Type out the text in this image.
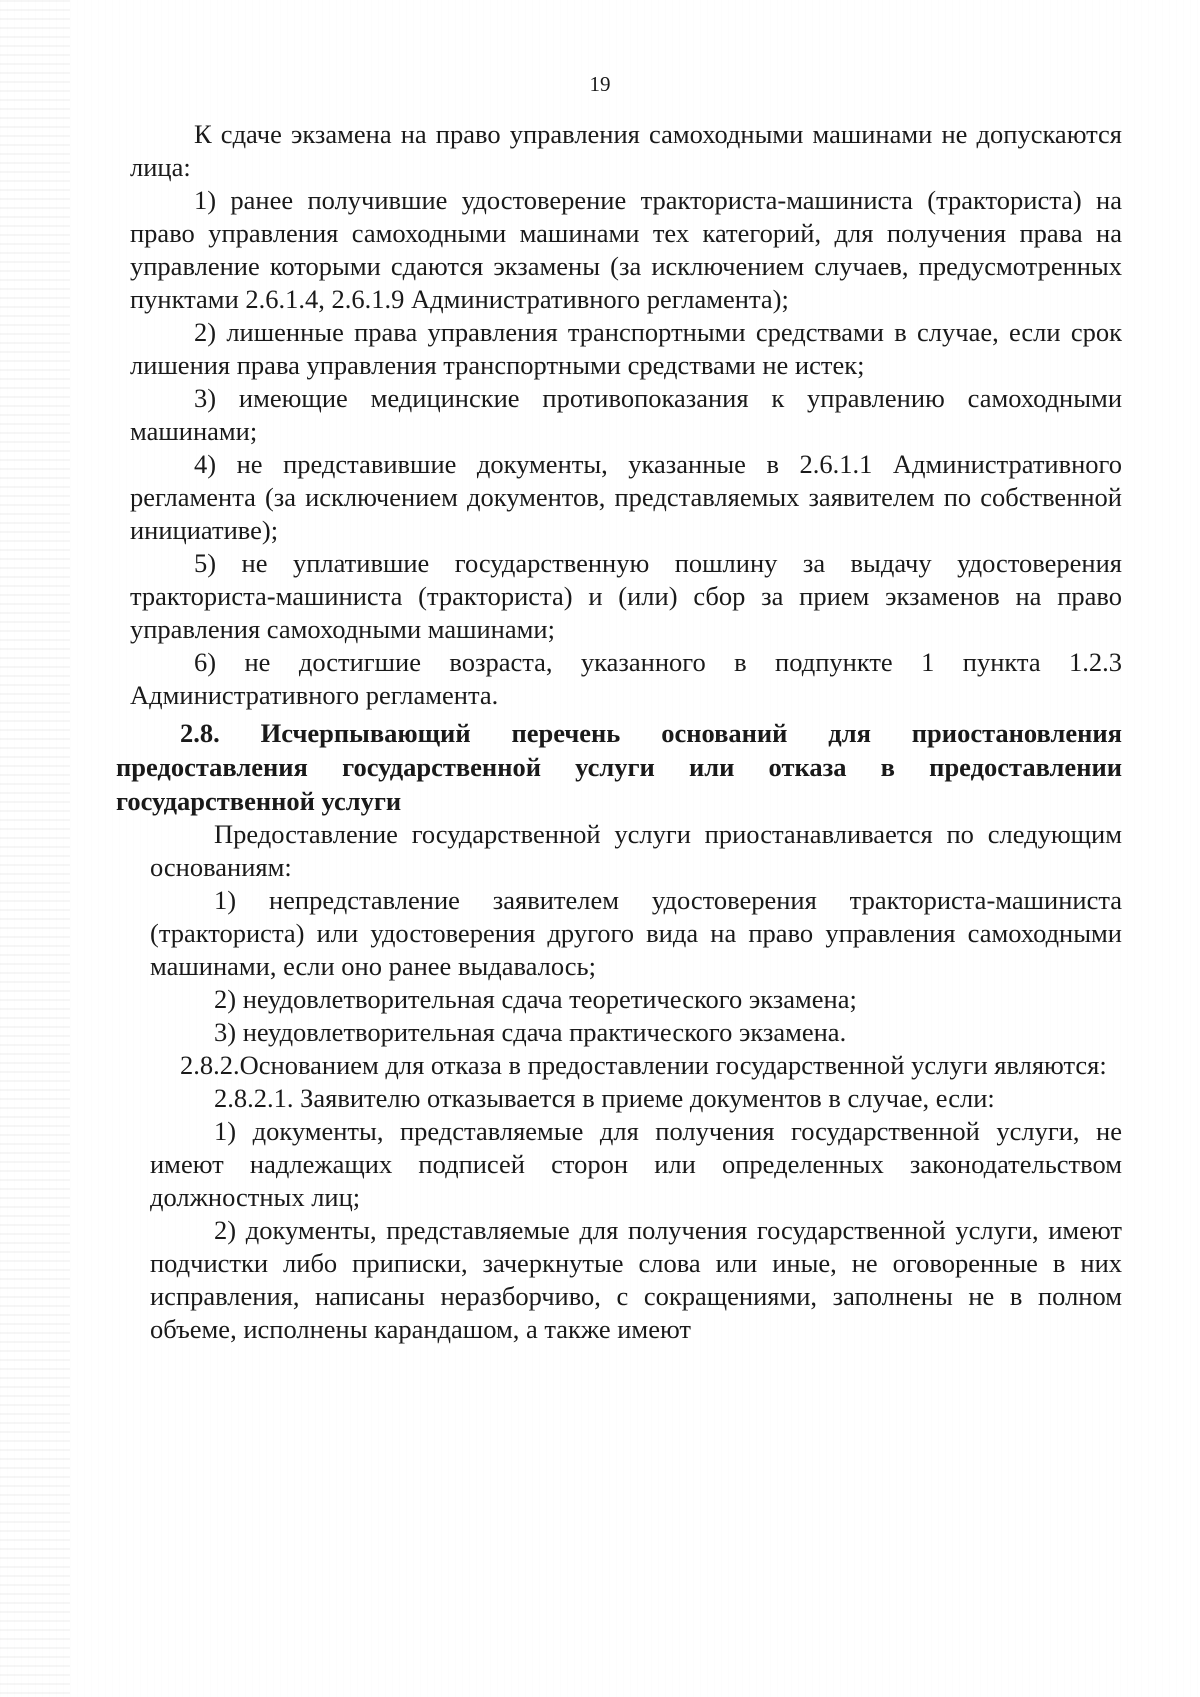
19

К сдаче экзамена на право управления самоходными машинами не допускаются лица:

1) ранее получившие удостоверение тракториста-машиниста (тракториста) на право управления самоходными машинами тех категорий, для получения права на управление которыми сдаются экзамены (за исключением случаев, предусмотренных пунктами 2.6.1.4, 2.6.1.9 Административного регламента);

2) лишенные права управления транспортными средствами в случае, если срок лишения права управления транспортными средствами не истек;

3) имеющие медицинские противопоказания к управлению самоходными машинами;

4) не представившие документы, указанные в 2.6.1.1 Административного регламента (за исключением документов, представляемых заявителем по собственной инициативе);

5) не уплатившие государственную пошлину за выдачу удостоверения тракториста-машиниста (тракториста) и (или) сбор за прием экзаменов на право управления самоходными машинами;

6) не достигшие возраста, указанного в подпункте 1 пункта 1.2.3 Административного регламента.

2.8. Исчерпывающий перечень оснований для приостановления предоставления государственной услуги или отказа в предоставлении государственной услуги

Предоставление государственной услуги приостанавливается по следующим основаниям:

1) непредставление заявителем удостоверения тракториста-машиниста (тракториста) или удостоверения другого вида на право управления самоходными машинами, если оно ранее выдавалось;

2) неудовлетворительная сдача теоретического экзамена;

3) неудовлетворительная сдача практического экзамена.

2.8.2.Основанием для отказа в предоставлении государственной услуги являются:

2.8.2.1. Заявителю отказывается в приеме документов в случае, если:

1) документы, представляемые для получения государственной услуги, не имеют надлежащих подписей сторон или определенных законодательством должностных лиц;

2) документы, представляемые для получения государственной услуги, имеют подчистки либо приписки, зачеркнутые слова или иные, не оговоренные в них исправления, написаны неразборчиво, с сокращениями, заполнены не в полном объеме, исполнены карандашом, а также имеют
